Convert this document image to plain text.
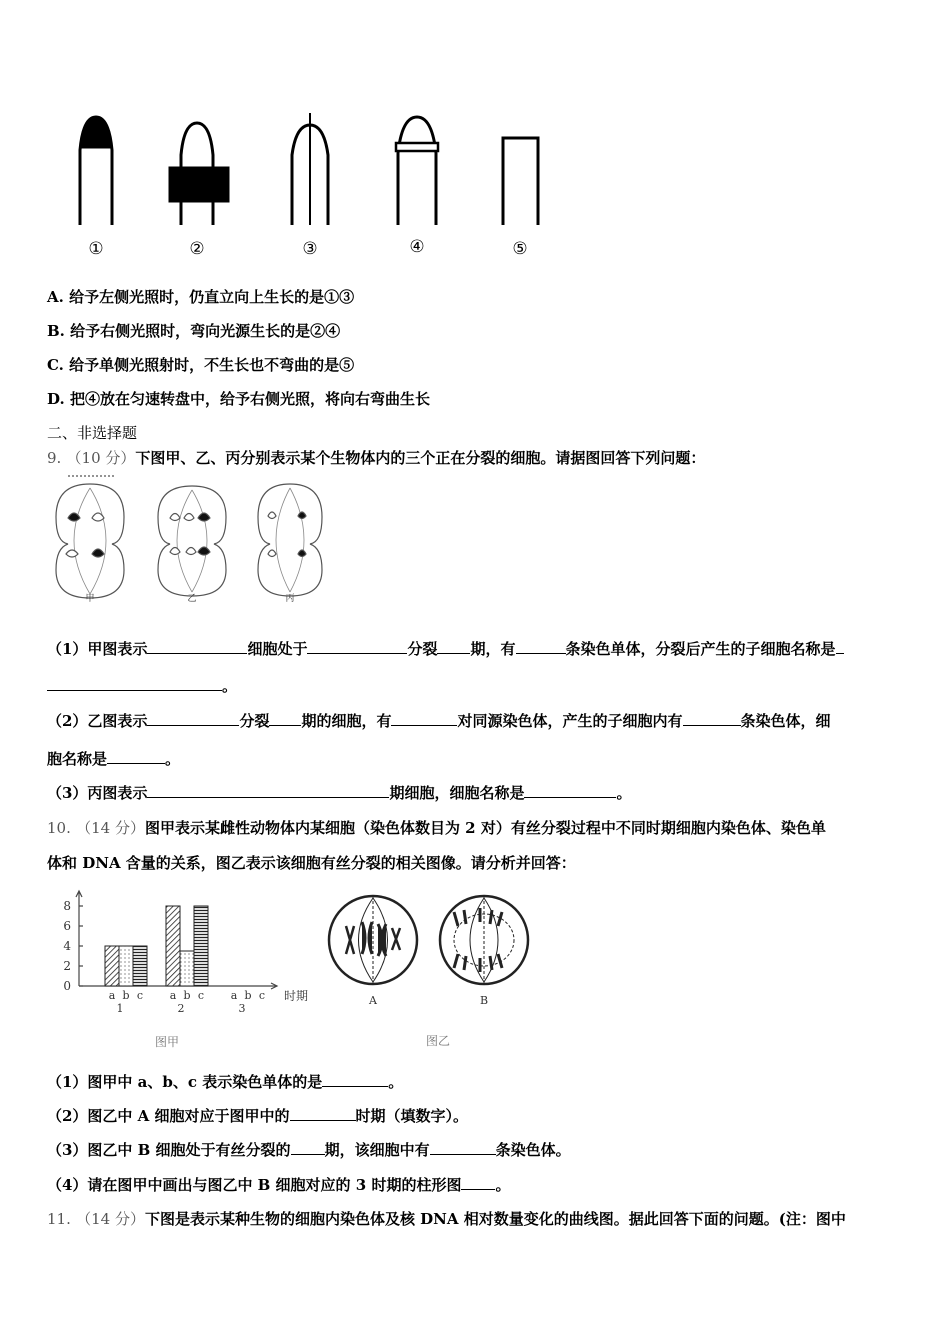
①	②	③	④	⑤
A. 给予左侧光照时，仍直立向上生长的是①③
B. 给予右侧光照时，弯向光源生长的是②④
C. 给予单侧光照射时，不生长也不弯曲的是⑤
D. 把④放在匀速转盘中，给予右侧光照，将向右弯曲生长
二、非选择题
9. （10 分）下图甲、乙、丙分别表示某个生物体内的三个正在分裂的细胞。请据图回答下列问题：
甲	乙	丙
（1）甲图表示	细胞处于	分裂 期，有	条染色单体，分裂后产生的子细胞名称是
。
（2）乙图表示	分裂 期的细胞，有	对同源染色体，产生的子细胞内有	条染色体，细
胞名称是	。
（3）丙图表示	期细胞，细胞名称是	。
10. （14 分）图甲表示某雌性动物体内某细胞（染色体数目为 2 对）有丝分裂过程中不同时期细胞内染色体、染色单
体和 DNA 含量的关系，图乙表示该细胞有丝分裂的相关图像。请分析并回答：
0
2
4
6
8
a b c
1
a b c
2
a b c
3
时期
图甲
A	B
图乙
（1）图甲中 a、b、c 表示染色单体的是	。
（2）图乙中 A 细胞对应于图甲中的	时期（填数字）。
（3）图乙中 B 细胞处于有丝分裂的 期，该细胞中有	条染色体。
（4）请在图甲中画出与图乙中 B 细胞对应的 3 时期的柱形图 。
11. （14 分）下图是表示某种生物的细胞内染色体及核 DNA 相对数量变化的曲线图。据此回答下面的问题。(注：图中
